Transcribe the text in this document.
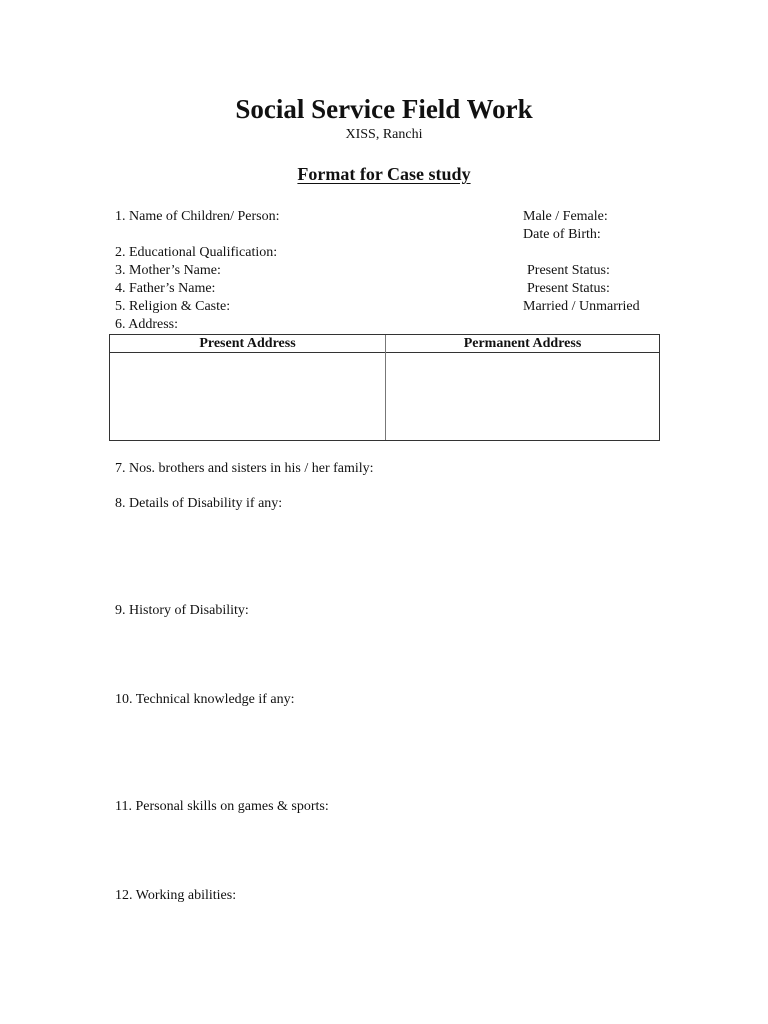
Social Service Field Work
XISS, Ranchi
Format for Case study
1. Name of Children/ Person:	Male / Female:
Date of Birth:
2. Educational Qualification:
3. Mother’s Name:	Present Status:
4. Father’s Name:	Present Status:
5. Religion & Caste:	Married / Unmarried
6. Address:
Present Address	Permanent Address
7. Nos. brothers and sisters in his / her family:
8. Details of Disability if any:
9. History of Disability:
10. Technical knowledge if any:
11. Personal skills on games & sports:
12. Working abilities:
